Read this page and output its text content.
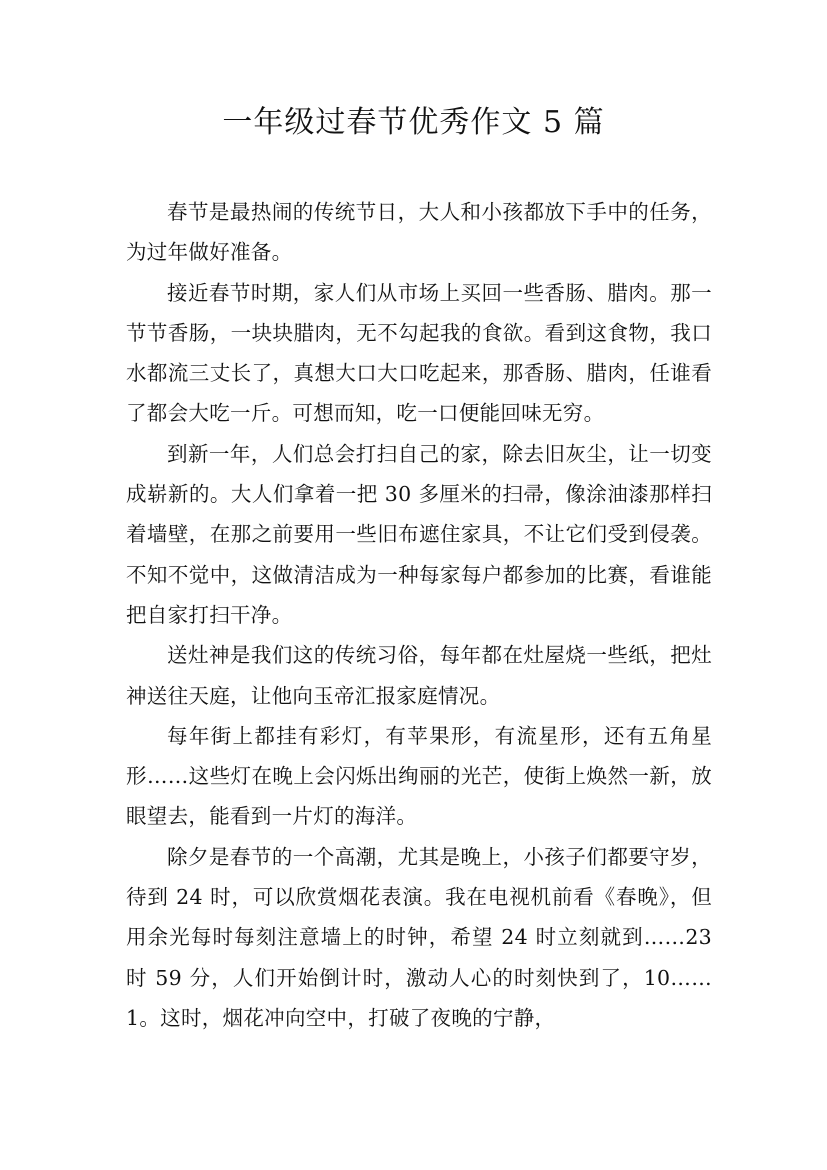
一年级过春节优秀作文 5 篇

春节是最热闹的传统节日，大人和小孩都放下手中的任务，为过年做好准备。

接近春节时期，家人们从市场上买回一些香肠、腊肉。那一节节香肠，一块块腊肉，无不勾起我的食欲。看到这食物，我口水都流三丈长了，真想大口大口吃起来，那香肠、腊肉，任谁看了都会大吃一斤。可想而知，吃一口便能回味无穷。

到新一年，人们总会打扫自己的家，除去旧灰尘，让一切变成崭新的。大人们拿着一把 30 多厘米的扫帚，像涂油漆那样扫着墙壁，在那之前要用一些旧布遮住家具，不让它们受到侵袭。不知不觉中，这做清洁成为一种每家每户都参加的比赛，看谁能把自家打扫干净。

送灶神是我们这的传统习俗，每年都在灶屋烧一些纸，把灶神送往天庭，让他向玉帝汇报家庭情况。

每年街上都挂有彩灯，有苹果形，有流星形，还有五角星形……这些灯在晚上会闪烁出绚丽的光芒，使街上焕然一新，放眼望去，能看到一片灯的海洋。

除夕是春节的一个高潮，尤其是晚上，小孩子们都要守岁，待到 24 时，可以欣赏烟花表演。我在电视机前看《春晚》，但用余光每时每刻注意墙上的时钟，希望 24 时立刻就到……23 时 59 分，人们开始倒计时，激动人心的时刻快到了，10……1。这时，烟花冲向空中，打破了夜晚的宁静，
